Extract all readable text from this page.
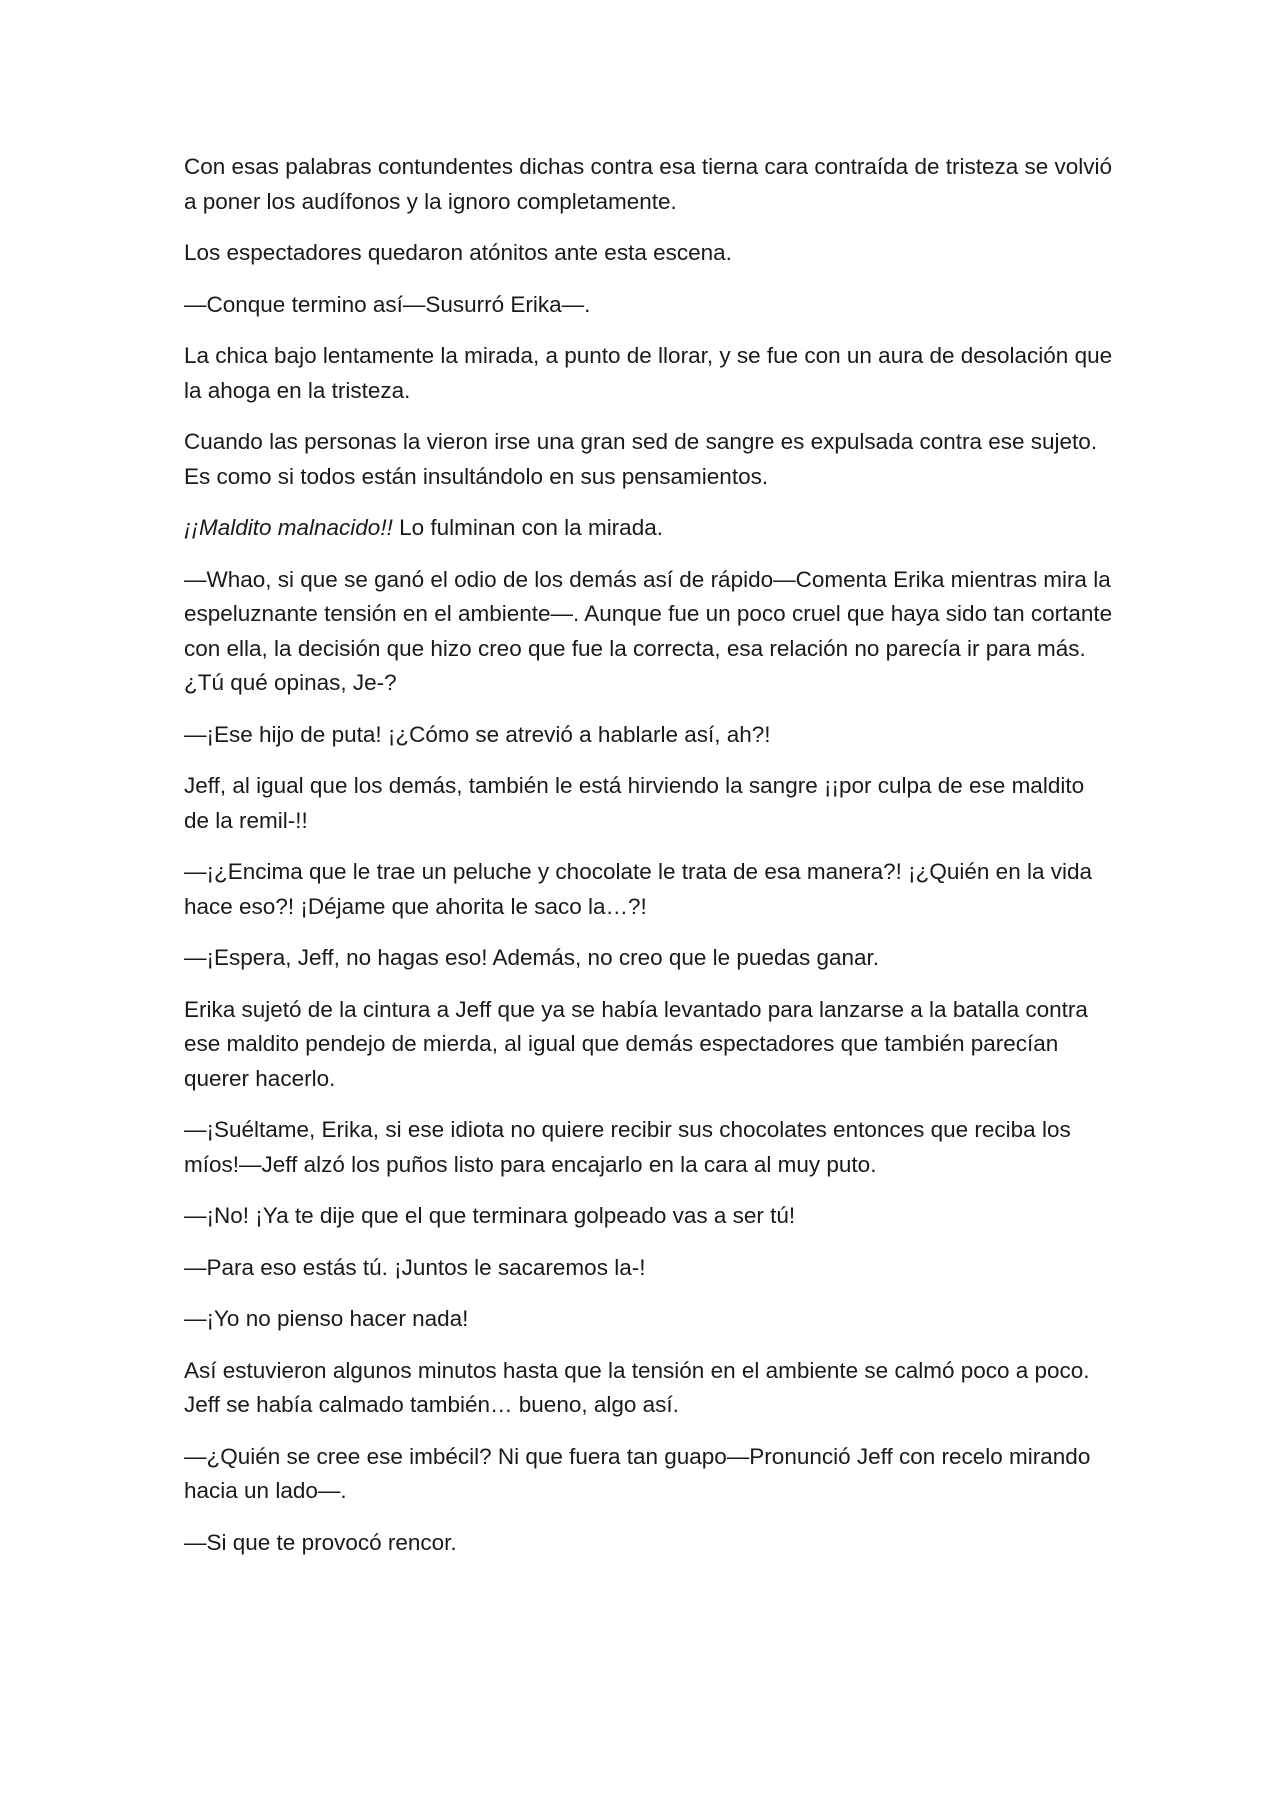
Con esas palabras contundentes dichas contra esa tierna cara contraída de tristeza se volvió a poner los audífonos y la ignoro completamente.

Los espectadores quedaron atónitos ante esta escena.

—Conque termino así—Susurró Erika—.

La chica bajo lentamente la mirada, a punto de llorar, y se fue con un aura de desolación que la ahoga en la tristeza.

Cuando las personas la vieron irse una gran sed de sangre es expulsada contra ese sujeto. Es como si todos están insultándolo en sus pensamientos.

¡¡Maldito malnacido!! Lo fulminan con la mirada.

—Whao, si que se ganó el odio de los demás así de rápido—Comenta Erika mientras mira la espeluznante tensión en el ambiente—. Aunque fue un poco cruel que haya sido tan cortante con ella, la decisión que hizo creo que fue la correcta, esa relación no parecía ir para más. ¿Tú qué opinas, Je-?

—¡Ese hijo de puta! ¡¿Cómo se atrevió a hablarle así, ah?!

Jeff, al igual que los demás, también le está hirviendo la sangre ¡¡por culpa de ese maldito de la remil-!!

—¡¿Encima que le trae un peluche y chocolate le trata de esa manera?! ¡¿Quién en la vida hace eso?! ¡Déjame que ahorita le saco la…?!

—¡Espera, Jeff, no hagas eso! Además, no creo que le puedas ganar.

Erika sujetó de la cintura a Jeff que ya se había levantado para lanzarse a la batalla contra ese maldito pendejo de mierda, al igual que demás espectadores que también parecían querer hacerlo.

—¡Suéltame, Erika, si ese idiota no quiere recibir sus chocolates entonces que reciba los míos!—Jeff alzó los puños listo para encajarlo en la cara al muy puto.

—¡No! ¡Ya te dije que el que terminara golpeado vas a ser tú!

—Para eso estás tú. ¡Juntos le sacaremos la-!

—¡Yo no pienso hacer nada!

Así estuvieron algunos minutos hasta que la tensión en el ambiente se calmó poco a poco. Jeff se había calmado también… bueno, algo así.

—¿Quién se cree ese imbécil? Ni que fuera tan guapo—Pronunció Jeff con recelo mirando hacia un lado—.

—Si que te provocó rencor.
